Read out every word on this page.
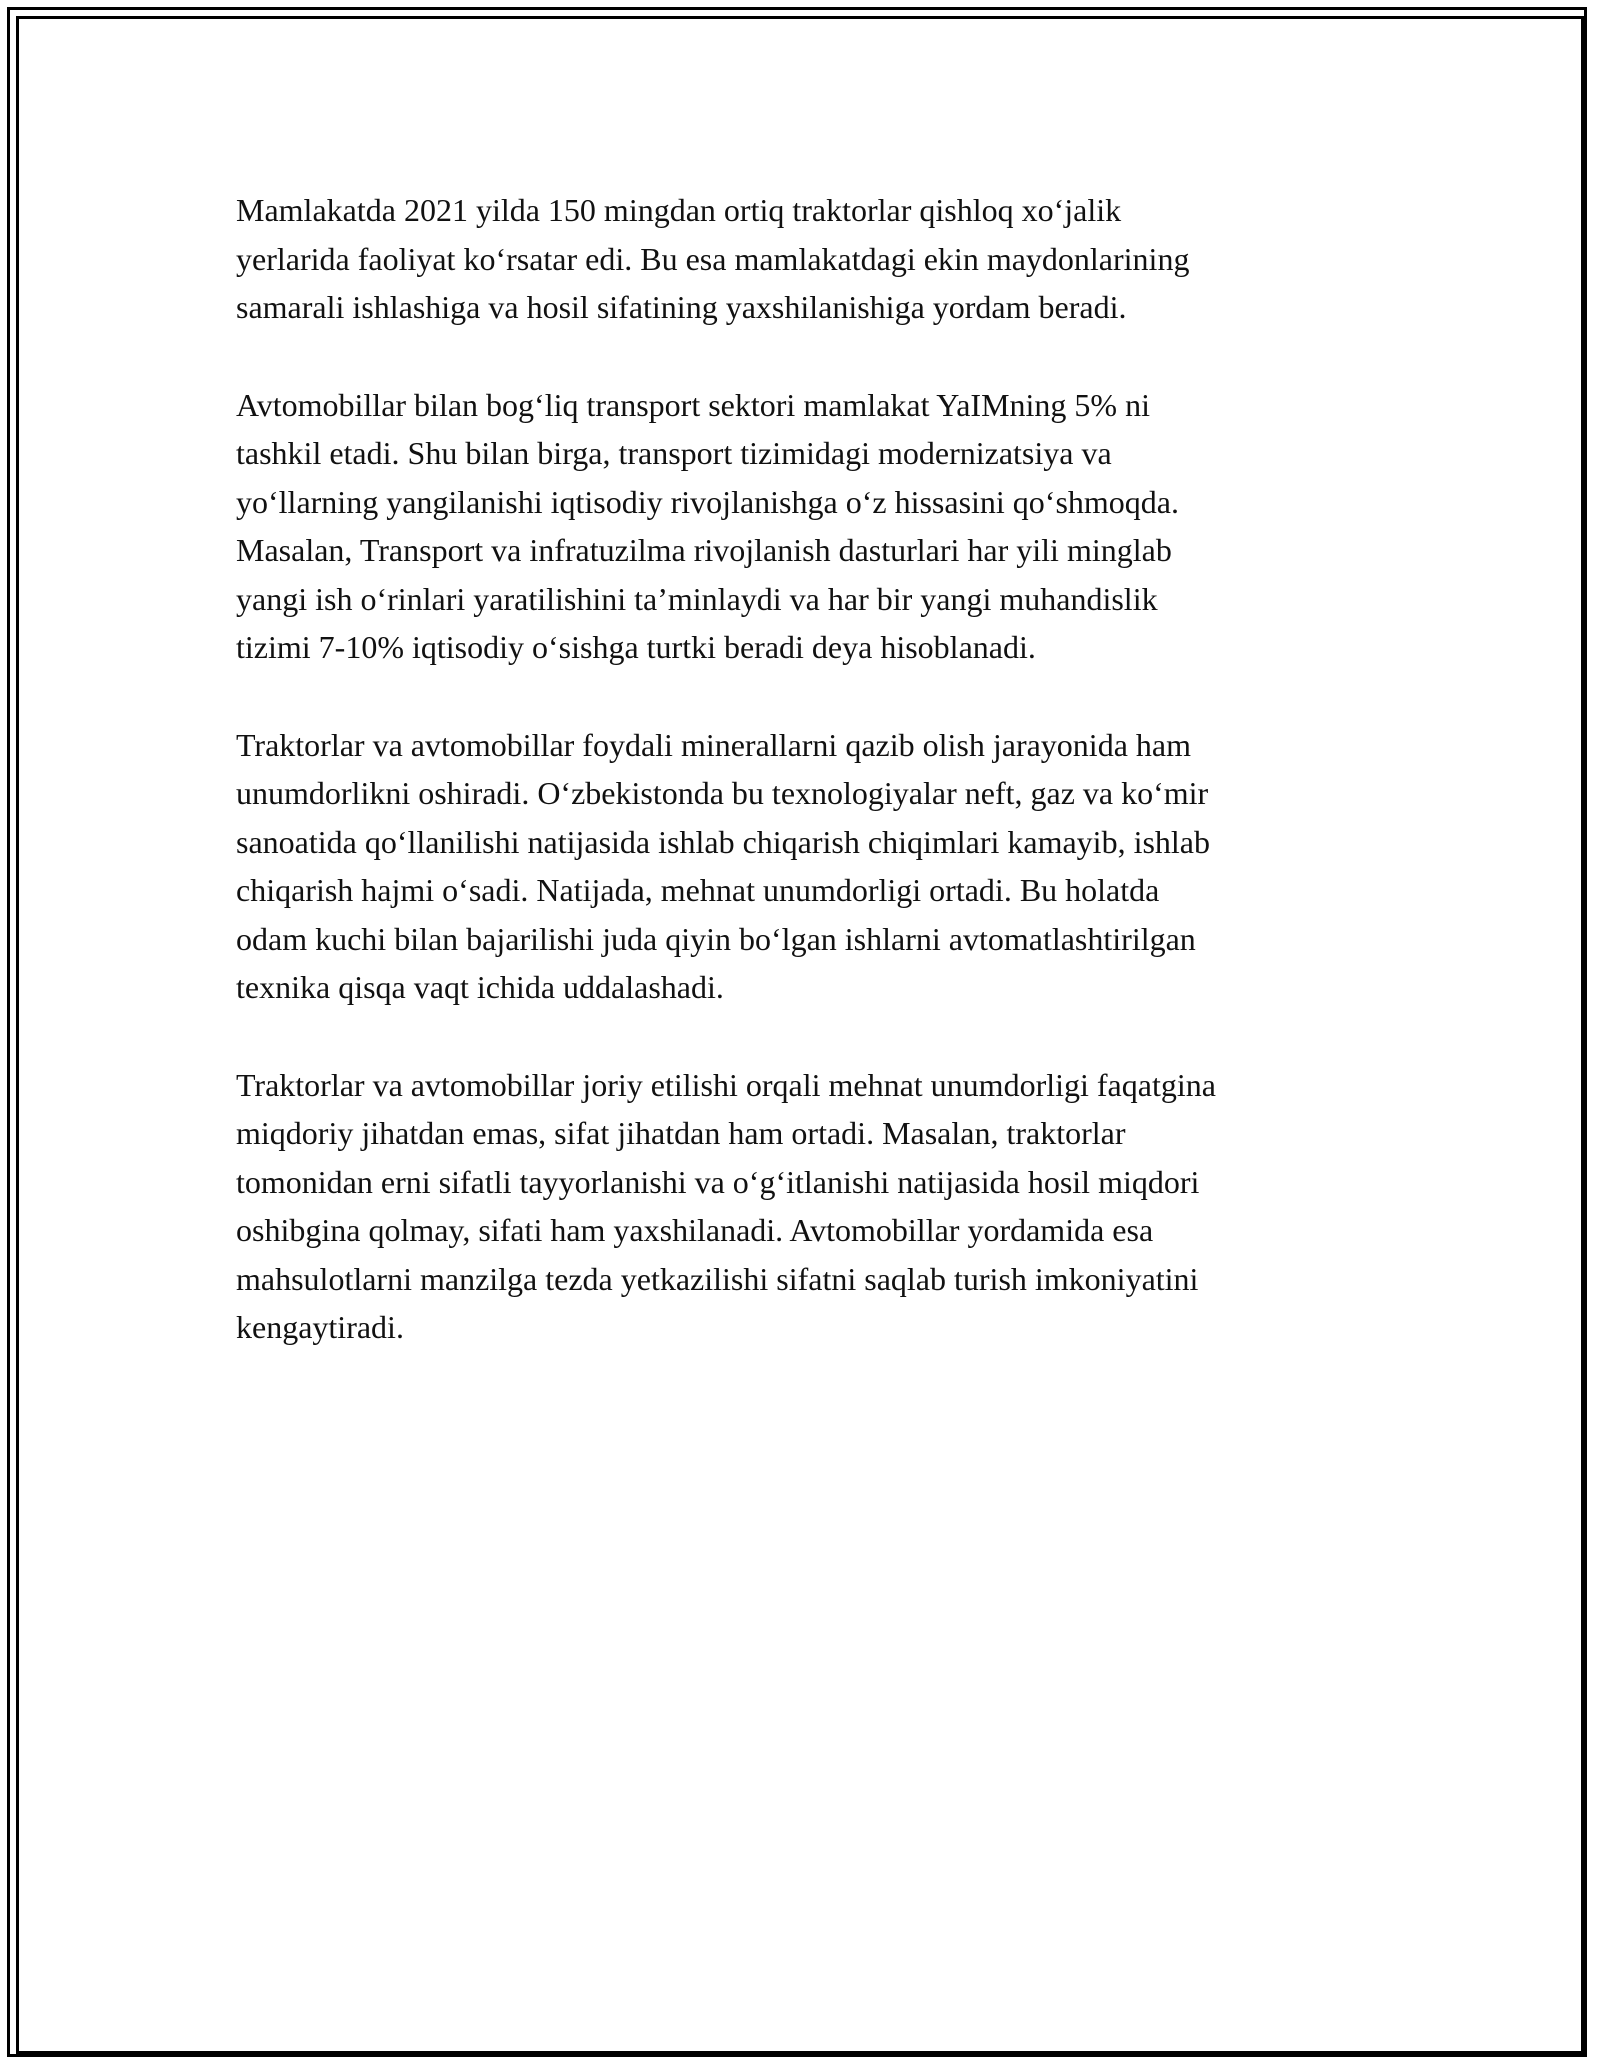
Mamlakatda 2021 yilda 150 mingdan ortiq traktorlar qishloq xo‘jalik
yerlarida faoliyat ko‘rsatar edi. Bu esa mamlakatdagi ekin maydonlarining
samarali ishlashiga va hosil sifatining yaxshilanishiga yordam beradi.

Avtomobillar bilan bog‘liq transport sektori mamlakat YaIMning 5% ni
tashkil etadi. Shu bilan birga, transport tizimidagi modernizatsiya va
yo‘llarning yangilanishi iqtisodiy rivojlanishga o‘z hissasini qo‘shmoqda.
Masalan, Transport va infratuzilma rivojlanish dasturlari har yili minglab
yangi ish o‘rinlari yaratilishini ta’minlaydi va har bir yangi muhandislik
tizimi 7-10% iqtisodiy o‘sishga turtki beradi deya hisoblanadi.

Traktorlar va avtomobillar foydali minerallarni qazib olish jarayonida ham
unumdorlikni oshiradi. O‘zbekistonda bu texnologiyalar neft, gaz va ko‘mir
sanoatida qo‘llanilishi natijasida ishlab chiqarish chiqimlari kamayib, ishlab
chiqarish hajmi o‘sadi. Natijada, mehnat unumdorligi ortadi. Bu holatda
odam kuchi bilan bajarilishi juda qiyin bo‘lgan ishlarni avtomatlashtirilgan
texnika qisqa vaqt ichida uddalashadi.

Traktorlar va avtomobillar joriy etilishi orqali mehnat unumdorligi faqatgina
miqdoriy jihatdan emas, sifat jihatdan ham ortadi. Masalan, traktorlar
tomonidan erni sifatli tayyorlanishi va o‘g‘itlanishi natijasida hosil miqdori
oshibgina qolmay, sifati ham yaxshilanadi. Avtomobillar yordamida esa
mahsulotlarni manzilga tezda yetkazilishi sifatni saqlab turish imkoniyatini
kengaytiradi.
